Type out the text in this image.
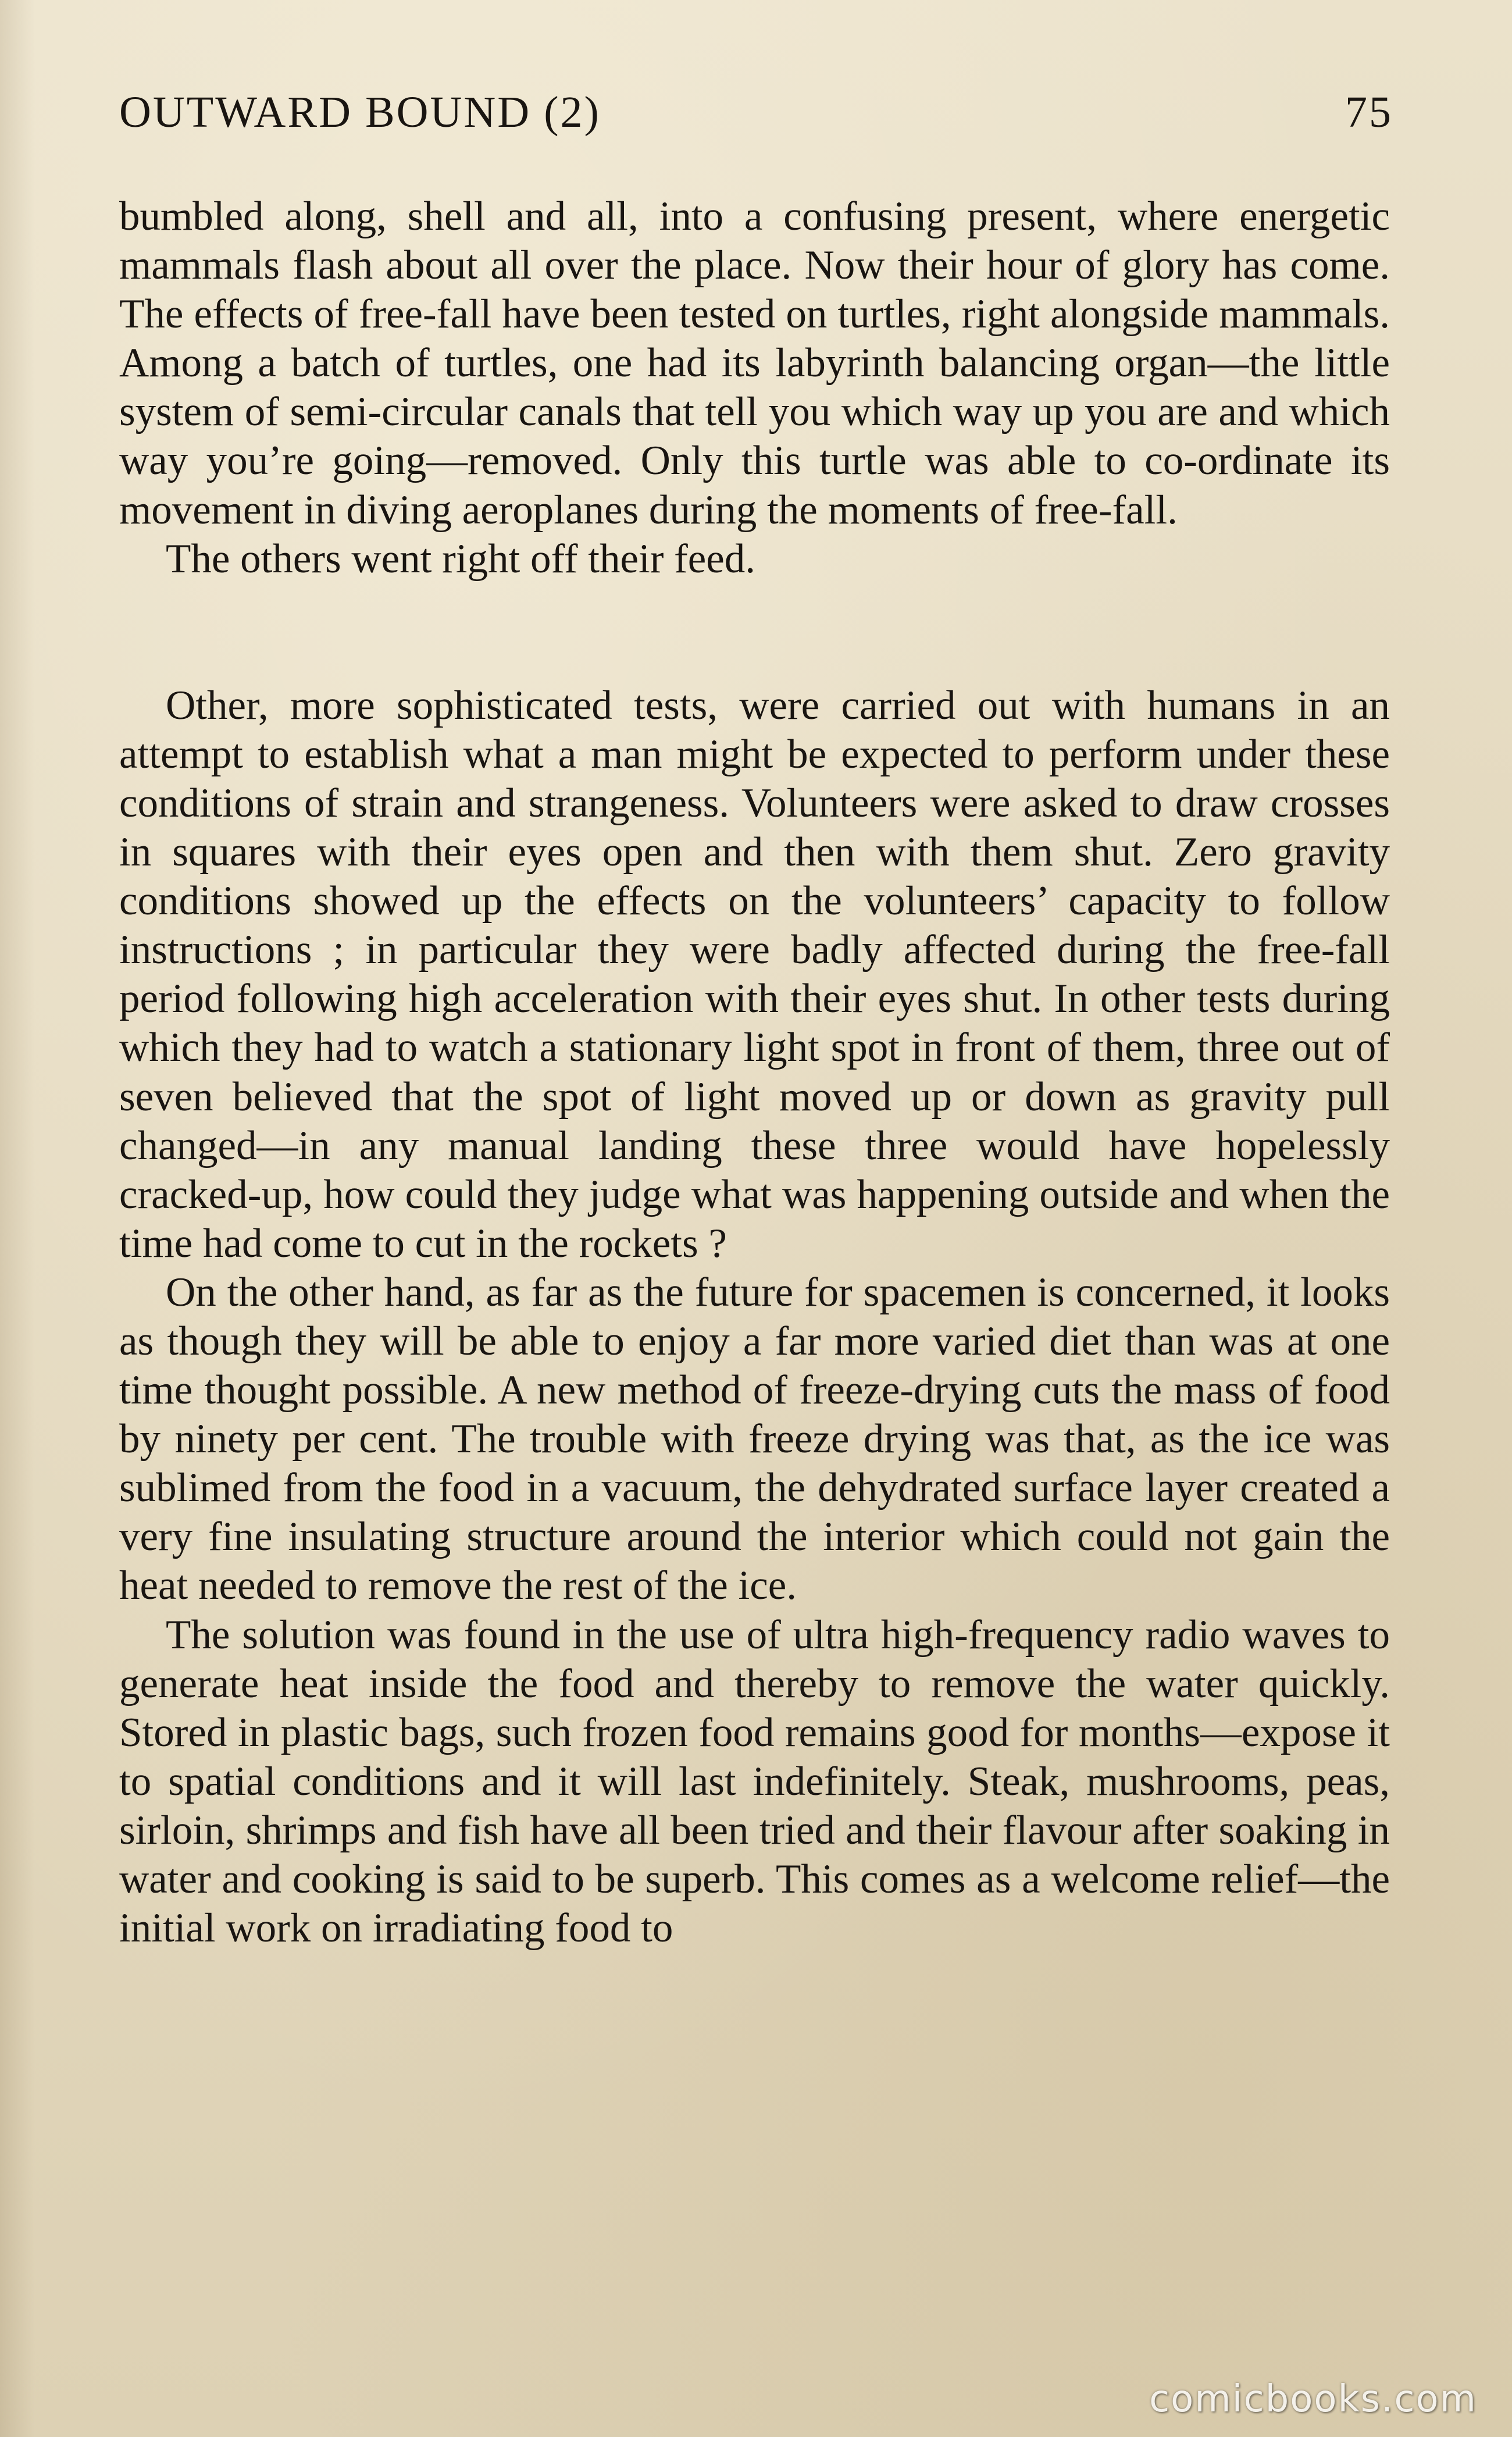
OUTWARD BOUND (2)	75

bumbled along, shell and all, into a confusing present, where energetic mammals flash about all over the place. Now their hour of glory has come. The effects of free-fall have been tested on turtles, right alongside mammals. Among a batch of turtles, one had its labyrinth balancing organ—the little system of semi-circular canals that tell you which way up you are and which way you’re going—removed. Only this turtle was able to co-ordinate its movement in diving aeroplanes during the moments of free-fall.

The others went right off their feed.

Other, more sophisticated tests, were carried out with humans in an attempt to establish what a man might be expected to perform under these conditions of strain and strangeness. Volunteers were asked to draw crosses in squares with their eyes open and then with them shut. Zero gravity conditions showed up the effects on the volunteers’ capacity to follow instructions ; in particular they were badly affected during the free-fall period following high acceleration with their eyes shut. In other tests during which they had to watch a stationary light spot in front of them, three out of seven believed that the spot of light moved up or down as gravity pull changed—in any manual landing these three would have hopelessly cracked-up, how could they judge what was happening outside and when the time had come to cut in the rockets ?

On the other hand, as far as the future for spacemen is concerned, it looks as though they will be able to enjoy a far more varied diet than was at one time thought possible. A new method of freeze-drying cuts the mass of food by ninety per cent. The trouble with freeze drying was that, as the ice was sublimed from the food in a vacuum, the dehydrated surface layer created a very fine insulating structure around the interior which could not gain the heat needed to remove the rest of the ice.

The solution was found in the use of ultra high-frequency radio waves to generate heat inside the food and thereby to remove the water quickly. Stored in plastic bags, such frozen food remains good for months—expose it to spatial conditions and it will last indefinitely. Steak, mushrooms, peas, sirloin, shrimps and fish have all been tried and their flavour after soaking in water and cooking is said to be superb. This comes as a welcome relief—the initial work on irradiating food to

comicbooks.com
